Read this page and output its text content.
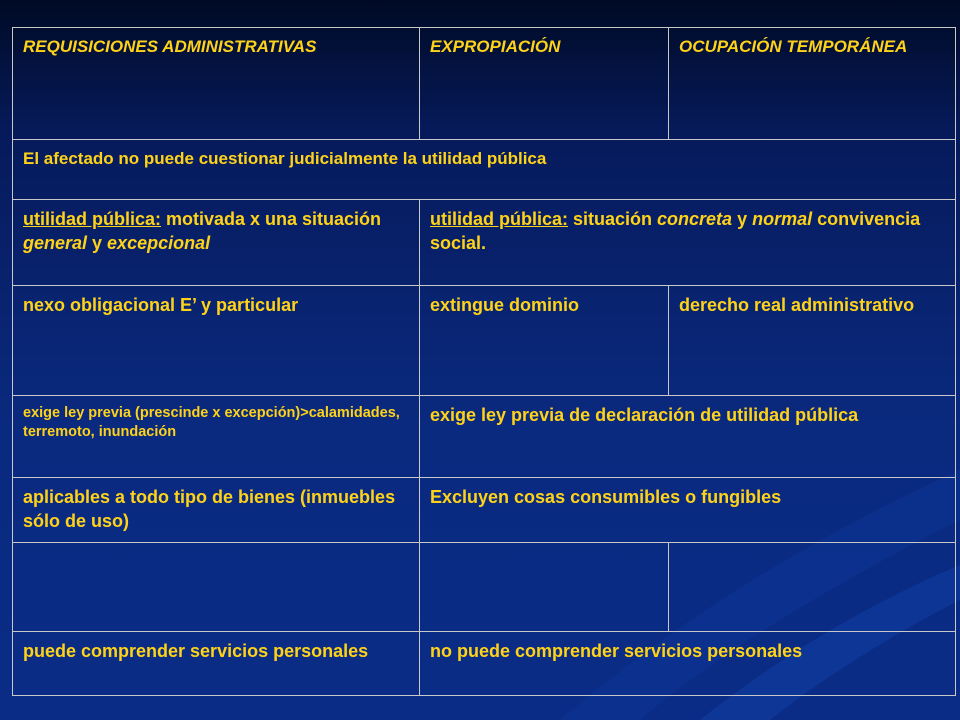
REQUISICIONES ADMINISTRATIVAS	EXPROPIACIÓN	OCUPACIÓN TEMPORÁNEA
El afectado no puede cuestionar judicialmente la utilidad pública		
utilidad pública: motivada x una situación general y excepcional	utilidad pública: situación concreta y normal convivencia social.	
nexo obligacional E’ y particular	extingue dominio	derecho real administrativo
exige ley previa (prescinde x excepción)>calamidades, terremoto, inundación	exige ley previa de declaración de utilidad pública	
aplicables a todo tipo de bienes (inmuebles sólo de uso)	Excluyen cosas consumibles o fungibles	

puede comprender servicios personales	no puede comprender servicios personales	
